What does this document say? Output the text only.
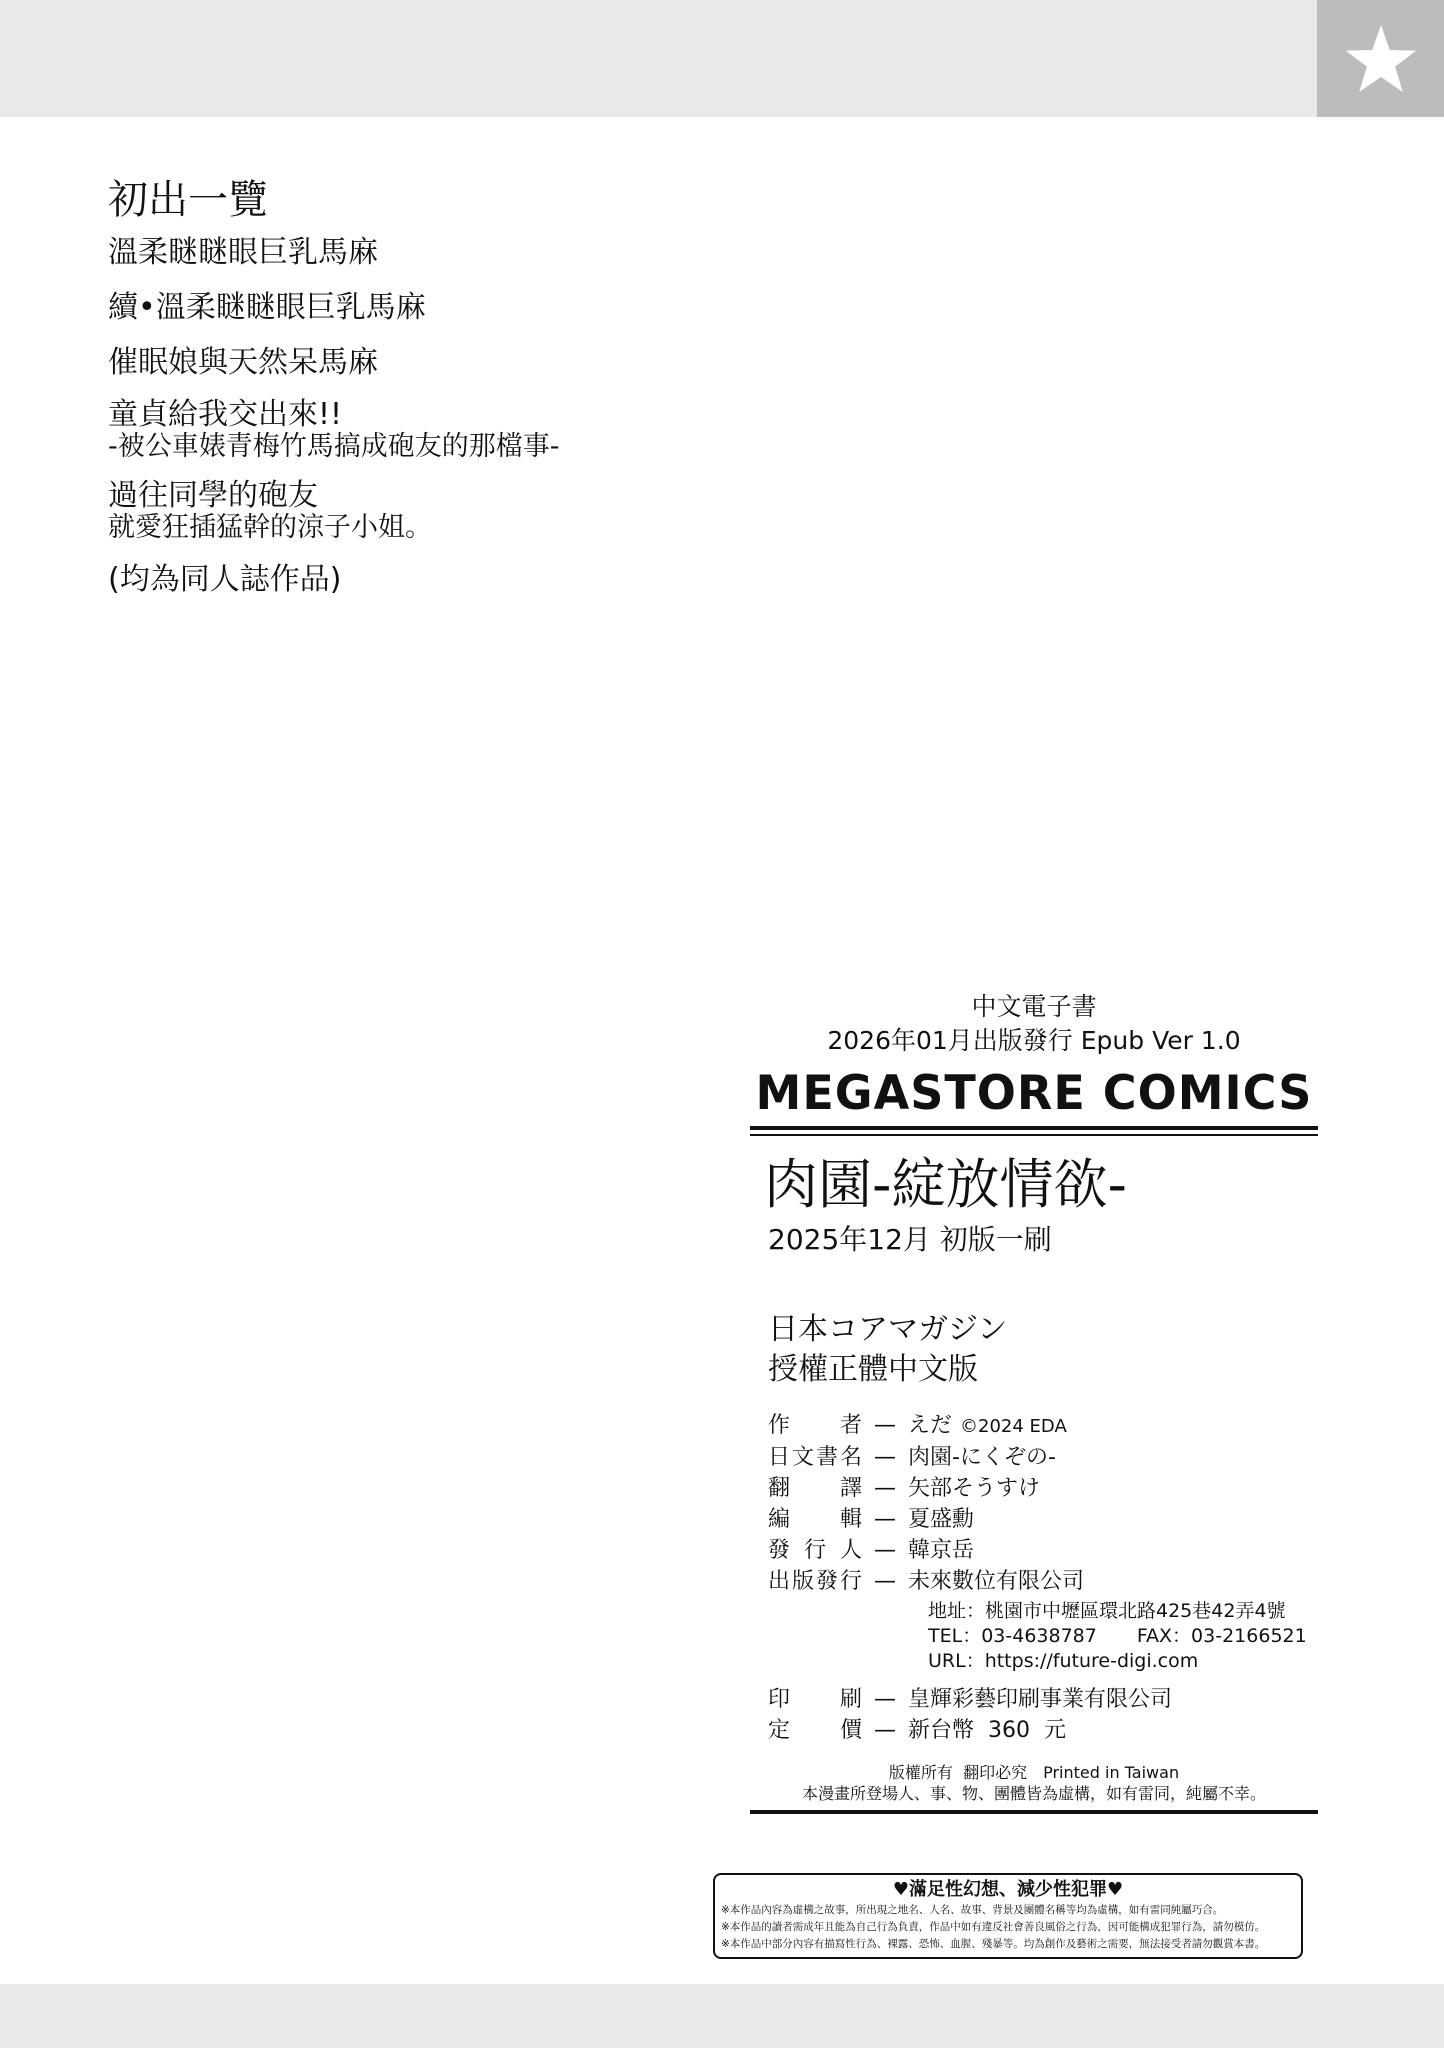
初出一覽
溫柔瞇瞇眼巨乳馬麻
續•溫柔瞇瞇眼巨乳馬麻
催眠娘與天然呆馬麻
童貞給我交出來!!
-被公車婊青梅竹馬搞成砲友的那檔事-
過往同學的砲友
就愛狂插猛幹的涼子小姐。
(均為同人誌作品)
中文電子書
2026年01月出版發行 Epub Ver 1.0
MEGASTORE COMICS
肉園-綻放情欲-
2025年12月 初版一刷
日本コアマガジン
授權正體中文版
作 者 — えだ ©2024 EDA
日 文 書 名 — 肉園-にくぞの-
翻 譯 — 矢部そうすけ
編 輯 — 夏盛勳
發 行 人 — 韓京岳
出 版 發 行 — 未來數位有限公司
地址：桃園市中壢區環北路425巷42弄4號
TEL：03-4638787 FAX：03-2166521
URL：https://future-digi.com
印 刷 — 皇輝彩藝印刷事業有限公司
定 價 — 新台幣  360  元
版權所有  翻印必究 Printed in Taiwan
本漫畫所登場人、事、物、團體皆為虛構，如有雷同，純屬不幸。
♥滿足性幻想、減少性犯罪♥
※本作品內容為虛構之故事，所出現之地名、人名、故事、背景及團體名稱等均為虛構，如有雷同純屬巧合。
※本作品的讀者需成年且能為自己行為負責，作品中如有違反社會善良風俗之行為，因可能構成犯罪行為，請勿模仿。
※本作品中部分內容有描寫性行為、裸露、恐怖、血腥、殘暴等。均為創作及藝術之需要，無法接受者請勿觀賞本書。
